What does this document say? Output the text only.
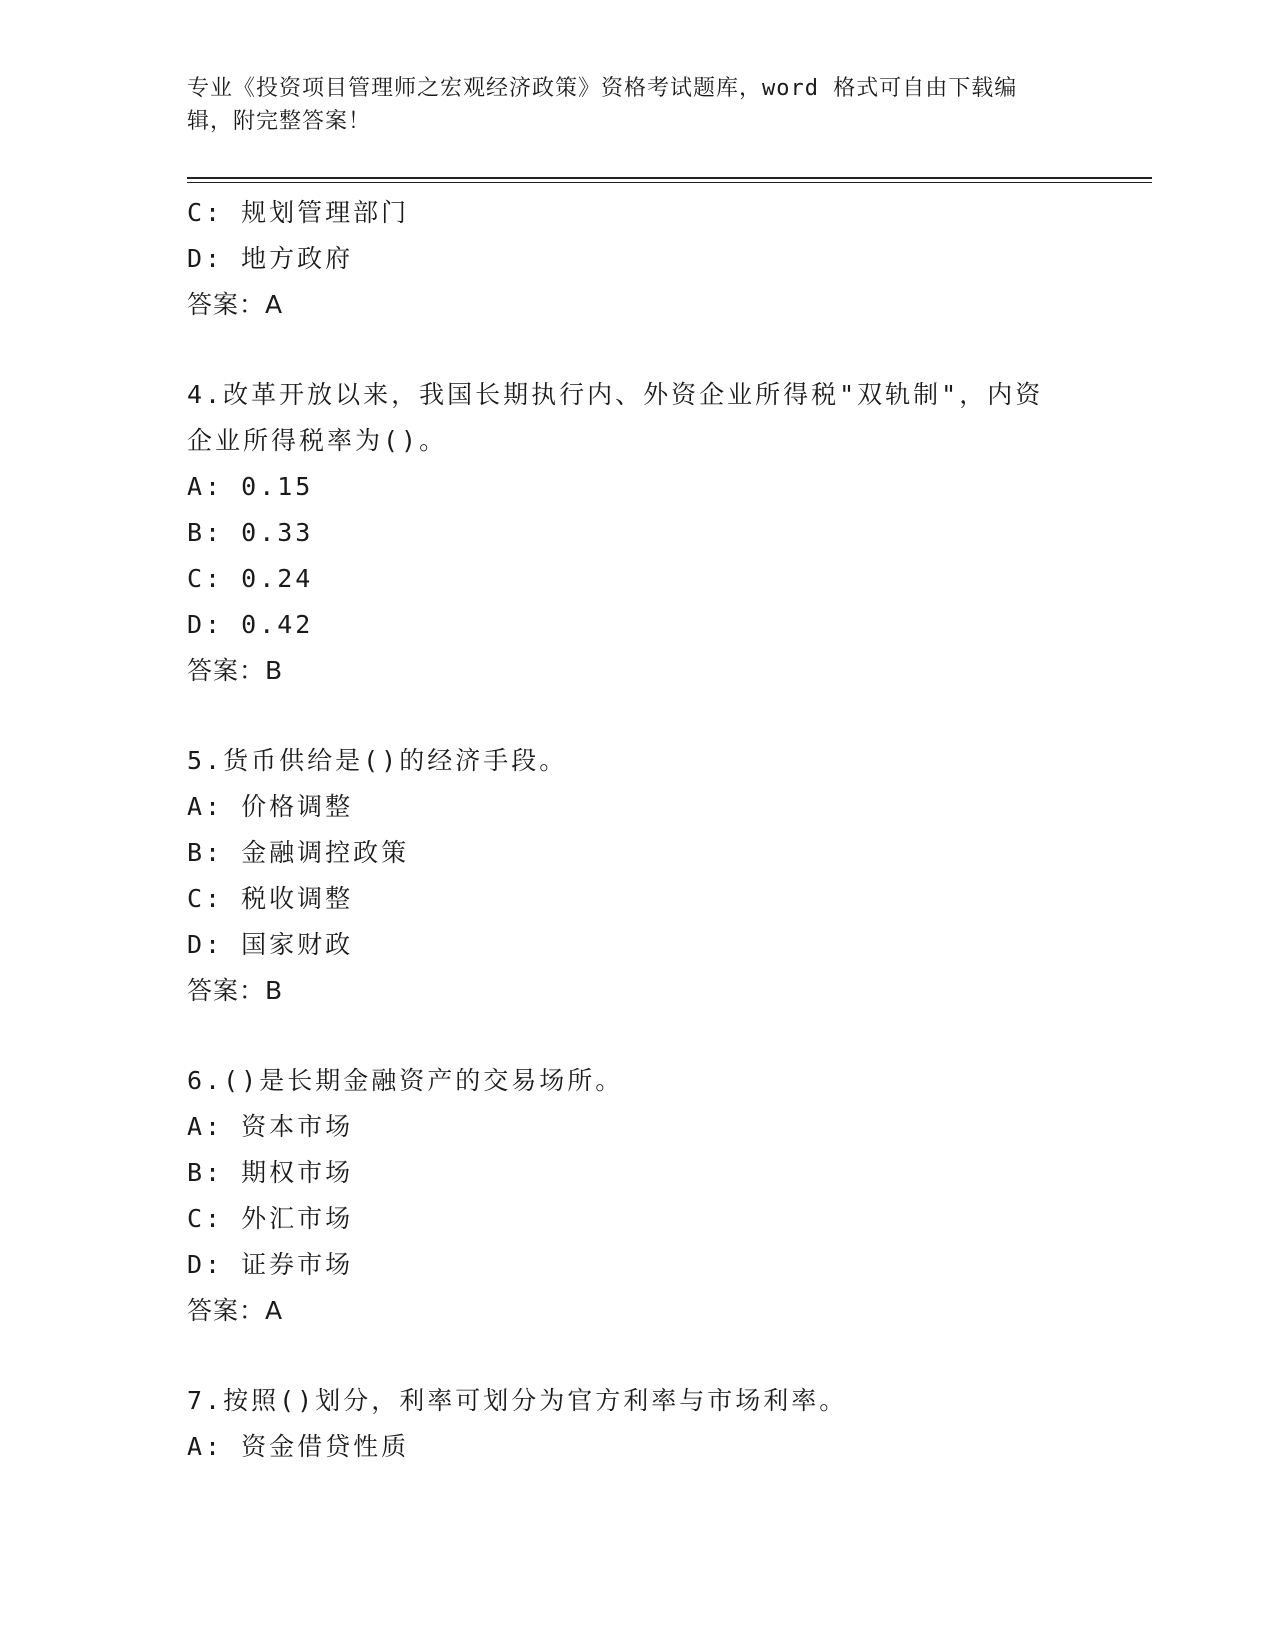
专业《投资项目管理师之宏观经济政策》资格考试题库，word 格式可自由下载编
辑，附完整答案！
C: 规划管理部门
D: 地方政府
答案：A
4.改革开放以来，我国长期执行内、外资企业所得税"双轨制"，内资
企业所得税率为()。
A: 0.15
B: 0.33
C: 0.24
D: 0.42
答案：B
5.货币供给是()的经济手段。
A: 价格调整
B: 金融调控政策
C: 税收调整
D: 国家财政
答案：B
6.()是长期金融资产的交易场所。
A: 资本市场
B: 期权市场
C: 外汇市场
D: 证券市场
答案：A
7.按照()划分，利率可划分为官方利率与市场利率。
A: 资金借贷性质
